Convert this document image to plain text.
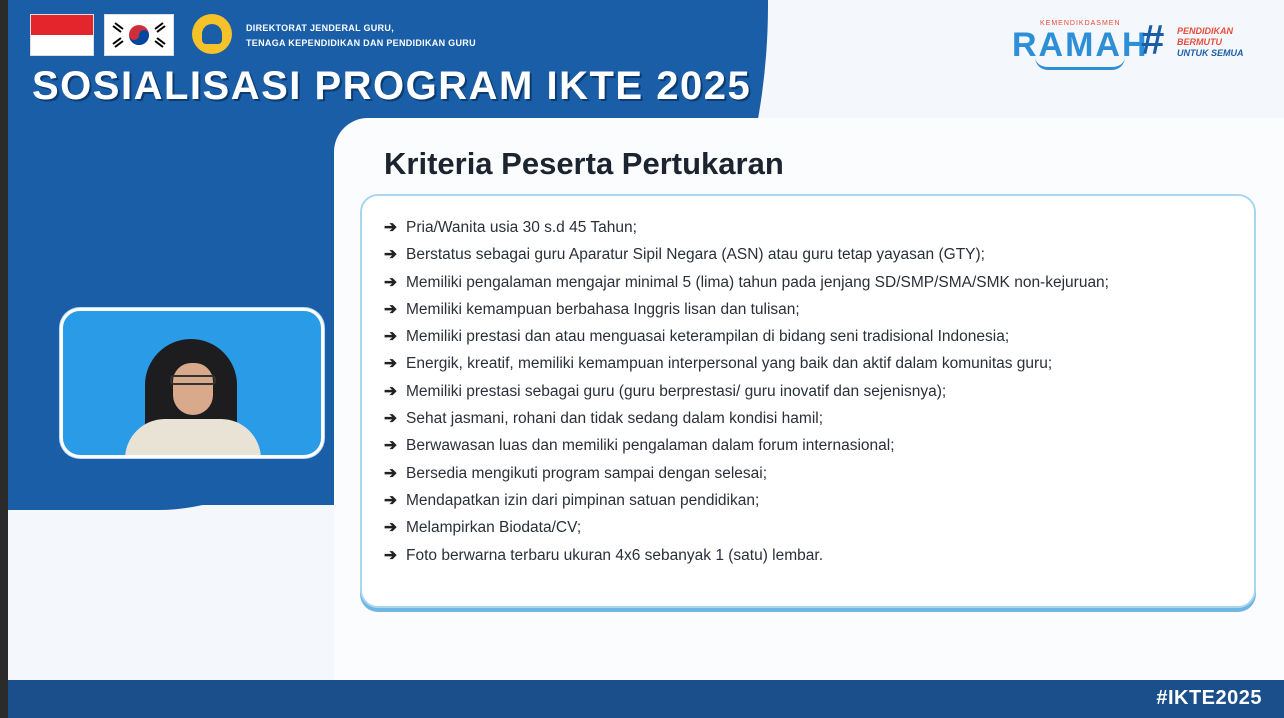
DIREKTORAT JENDERAL GURU,
TENAGA KEPENDIDIKAN DAN PENDIDIKAN GURU
SOSIALISASI PROGRAM IKTE 2025
KEMENDIKDASMEN
RAMAH
# PENDIDIKAN
BERMUTU
UNTUK SEMUA
Kriteria Peserta Pertukaran
➔ Pria/Wanita usia 30 s.d 45 Tahun;
➔ Berstatus sebagai guru Aparatur Sipil Negara (ASN) atau guru tetap yayasan (GTY);
➔ Memiliki pengalaman mengajar minimal 5 (lima) tahun pada jenjang SD/SMP/SMA/SMK non-kejuruan;
➔ Memiliki kemampuan berbahasa Inggris lisan dan tulisan;
➔ Memiliki prestasi dan atau menguasai keterampilan di bidang seni tradisional Indonesia;
➔ Energik, kreatif, memiliki kemampuan interpersonal yang baik dan aktif dalam komunitas guru;
➔ Memiliki prestasi sebagai guru (guru berprestasi/ guru inovatif dan sejenisnya);
➔ Sehat jasmani, rohani dan tidak sedang dalam kondisi hamil;
➔ Berwawasan luas dan memiliki pengalaman dalam forum internasional;
➔ Bersedia mengikuti program sampai dengan selesai;
➔ Mendapatkan izin dari pimpinan satuan pendidikan;
➔ Melampirkan Biodata/CV;
➔ Foto berwarna terbaru ukuran 4x6 sebanyak 1 (satu) lembar.
#IKTE2025
